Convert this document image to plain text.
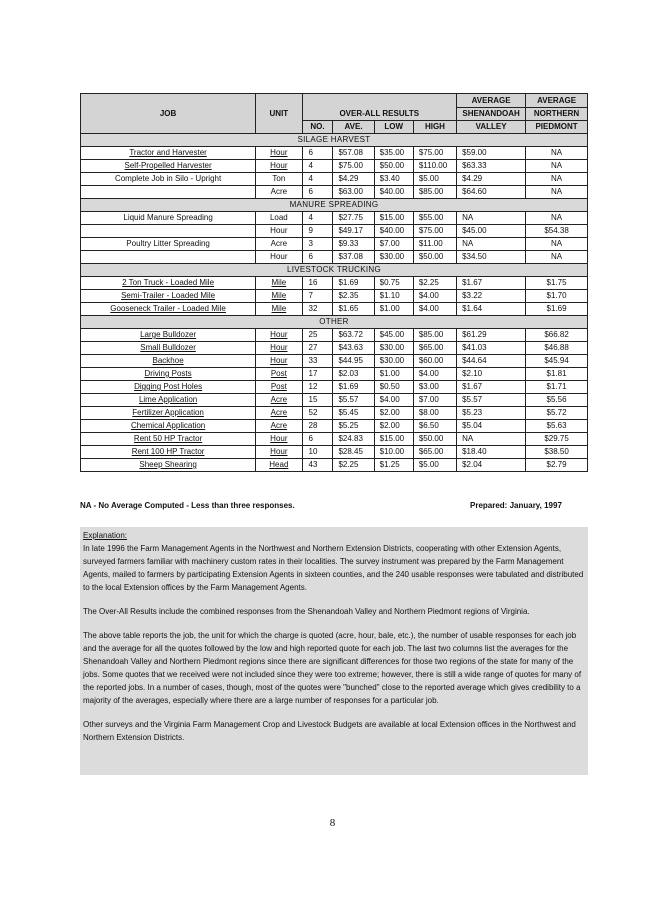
JOB	UNIT					AVERAGE	AVERAGE
		OVER-ALL RESULTS				SHENANDOAH	NORTHERN
		NO.	AVE.	LOW	HIGH	VALLEY	PIEDMONT
SILAGE HARVEST							
Tractor and Harvester	Hour	6	$57.08	$35.00	$75.00	$59.00	NA
Self-Propelled Harvester	Hour	4	$75.00	$50.00	$110.00	$63.33	NA
Complete Job in Silo - Upright	Ton	4	$4.29	$3.40	$5.00	$4.29	NA
	Acre	6	$63.00	$40.00	$85.00	$64.60	NA
MANURE SPREADING							
Liquid Manure Spreading	Load	4	$27.75	$15.00	$55.00	NA	NA
	Hour	9	$49.17	$40.00	$75.00	$45.00	$54.38
Poultry Litter Spreading	Acre	3	$9.33	$7.00	$11.00	NA	NA
	Hour	6	$37.08	$30.00	$50.00	$34.50	NA
LIVESTOCK TRUCKING							
2 Ton Truck - Loaded Mile	Mile	16	$1.69	$0.75	$2.25	$1.67	$1.75
Semi-Trailer - Loaded Mile	Mile	7	$2.35	$1.10	$4.00	$3.22	$1.70
Gooseneck Trailer - Loaded Mile	Mile	32	$1.65	$1.00	$4.00	$1.64	$1.69
OTHER							
Large Bulldozer	Hour	25	$63.72	$45.00	$85.00	$61.29	$66.82
Small Bulldozer	Hour	27	$43.63	$30.00	$65.00	$41.03	$46.88
Backhoe	Hour	33	$44.95	$30.00	$60.00	$44.64	$45.94
Driving Posts	Post	17	$2.03	$1.00	$4.00	$2.10	$1.81
Digging Post Holes	Post	12	$1.69	$0.50	$3.00	$1.67	$1.71
Lime Application	Acre	15	$5.57	$4.00	$7.00	$5.57	$5.56
Fertilizer Application	Acre	52	$5.45	$2.00	$8.00	$5.23	$5.72
Chemical Application	Acre	28	$5.25	$2.00	$6.50	$5.04	$5.63
Rent 50 HP Tractor	Hour	6	$24.83	$15.00	$50.00	NA	$29.75
Rent 100 HP Tractor	Hour	10	$28.45	$10.00	$65.00	$18.40	$38.50
Sheep Shearing	Head	43	$2.25	$1.25	$5.00	$2.04	$2.79
NA - No Average Computed - Less than three responses.	Prepared: January, 1997

Explanation:

In late 1996 the Farm Management Agents in the Northwest and Northern Extension Districts, cooperating with other Extension Agents, surveyed farmers familiar with machinery custom rates in their localities. The survey instrument was prepared by the Farm Management Agents, mailed to farmers by participating Extension Agents in sixteen counties, and the 240 usable responses were tabulated and distributed to the local Extension offices by the Farm Management Agents.

The Over-All Results include the combined responses from the Shenandoah Valley and Northern Piedmont regions of Virginia.

The above table reports the job, the unit for which the charge is quoted (acre, hour, bale, etc.), the number of usable responses for each job and the average for all the quotes followed by the low and high reported quote for each job. The last two columns list the averages for the Shenandoah Valley and Northern Piedmont regions since there are significant differences for those two regions of the state for many of the jobs. Some quotes that we received were not included since they were too extreme; however, there is still a wide range of quotes for many of the reported jobs. In a number of cases, though, most of the quotes were "bunched" close to the reported average which gives credibility to a majority of the averages, especially where there are a large number of responses for a particular job.

Other surveys and the Virginia Farm Management Crop and Livestock Budgets are available at local Extension offices in the Northwest and Northern Extension Districts.

8
